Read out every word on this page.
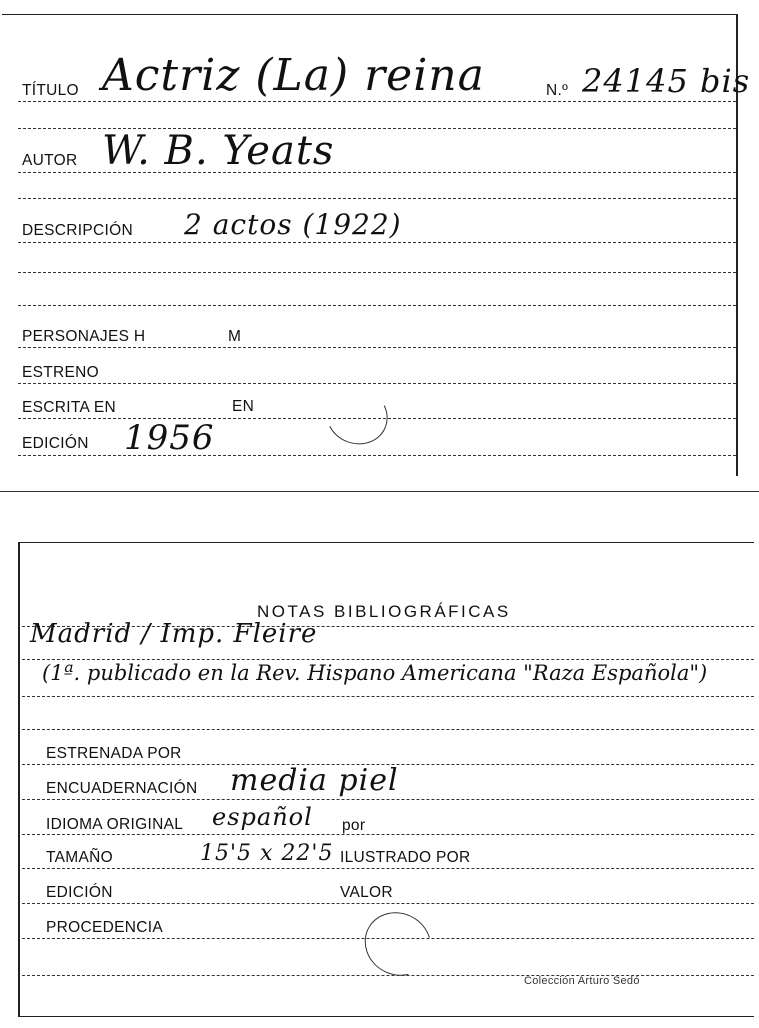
TÍTULO Actriz (La) reina	N.º 24145 bis
AUTOR W. B. Yeats
DESCRIPCIÓN 2 actos (1922)
PERSONAJES H	M
ESTRENO
ESCRITA EN	EN
EDICIÓN 1956
NOTAS BIBLIOGRÁFICAS
Madrid / Imp. Fleire
(1ª. publicado en la Rev. Hispano Americana "Raza Española")
ESTRENADA POR
ENCUADERNACIÓN media piel
IDIOMA ORIGINAL español por
TAMAÑO	15'5 x 22'5 ILUSTRADO POR
EDICIÓN	VALOR
PROCEDENCIA
Colección Arturo Sedó
